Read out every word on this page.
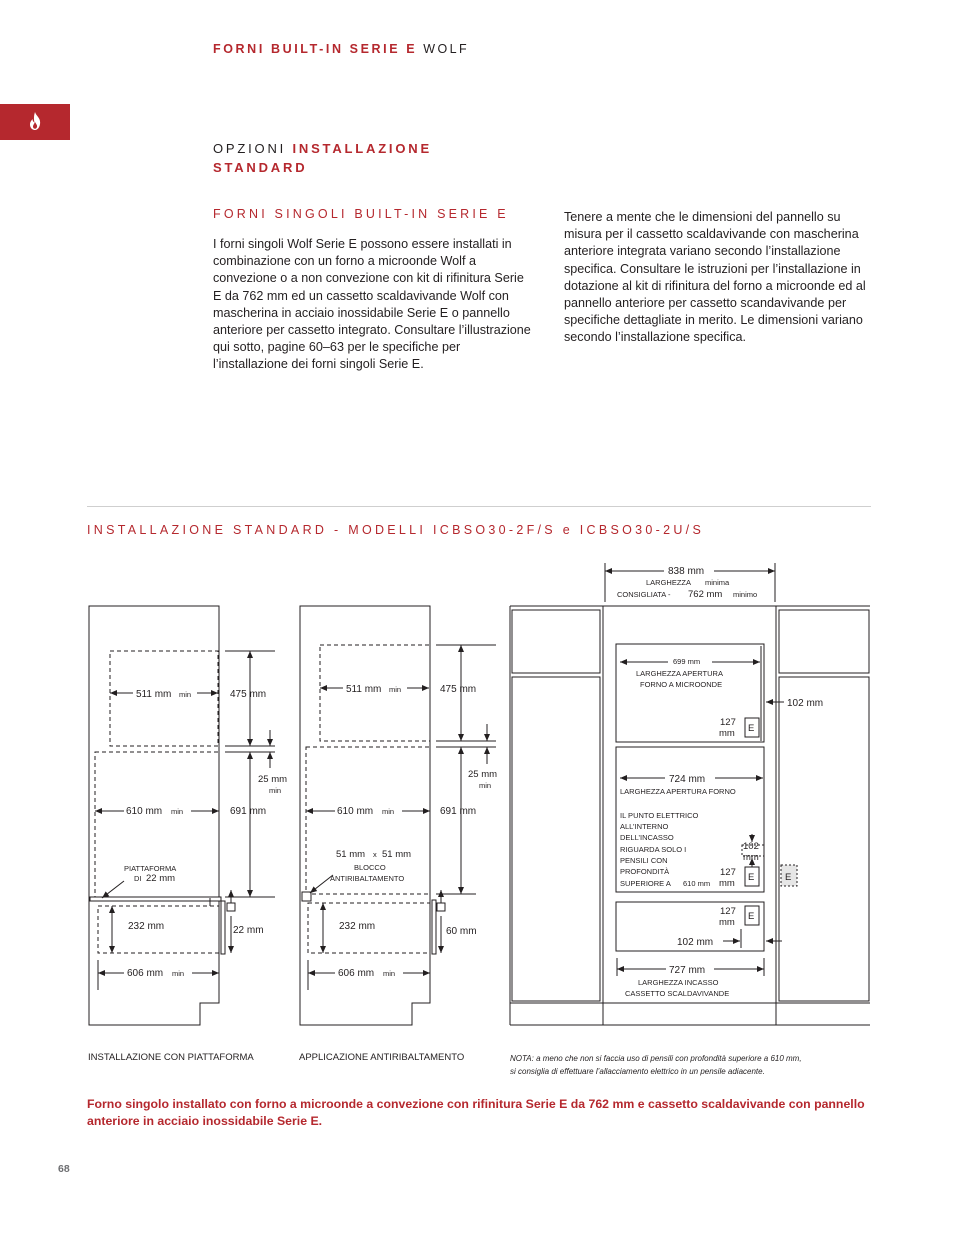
FORNI BUILT-IN SERIE E WOLF
OPZIONI INSTALLAZIONE
STANDARD
FORNI SINGOLI BUILT-IN SERIE E
I forni singoli Wolf Serie E possono essere installati in combinazione con un forno a microonde Wolf a convezione o a non convezione con kit di rifinitura Serie E da 762 mm ed un cassetto scaldavivande Wolf con mascherina in acciaio inossidabile Serie E o pannello anteriore per cassetto integrato. Consultare l’illustrazione qui sotto, pagine 60–63 per le specifiche per l’installazione dei forni singoli Serie E.
Tenere a mente che le dimensioni del pannello su misura per il cassetto scaldavivande con mascherina anteriore integrata variano secondo l’installazione specifica. Consultare le istruzioni per l’installazione in dotazione al kit di rifinitura del forno a microonde ed al pannello anteriore per cassetto scandavivande per specifiche dettagliate in merito. Le dimensioni variano secondo l’installazione specifica.
INSTALLAZIONE STANDARD - MODELLI ICBSO30-2F/S e ICBSO30-2U/S
511 mm min	475 mm
25 mm
min
610 mm min	691 mm
PIATTAFORMA
DI 22 mm
232 mm	22 mm
606 mm min
511 mm min	475 mm
25 mm
min
610 mm min	691 mm
51 mm x 51 mm
BLOCCO
ANTIRIBALTAMENTO
232 mm	60 mm
606 mm min
838 mm
LARGHEZZA minima
CONSIGLIATA - 762 mm minimo
699 mm
LARGHEZZA APERTURA
FORNO A MICROONDE
102 mm
127
mm E
724 mm
LARGHEZZA APERTURA FORNO
IL PUNTO ELETTRICO
ALL’INTERNO
DELL’INCASSO
RIGUARDA SOLO I
PENSILI CON
PROFONDITÀ
SUPERIORE A 610 mm
102
mm
127
mm
E	E
127
mm
E
102 mm
727 mm
LARGHEZZA INCASSO
CASSETTO SCALDAVIVANDE
INSTALLAZIONE CON PIATTAFORMA	APPLICAZIONE ANTIRIBALTAMENTO	NOTA: a meno che non si faccia uso di pensili con profondità superiore a 610 mm,
si consiglia di effettuare l’allacciamento elettrico in un pensile adiacente.
Forno singolo installato con forno a microonde a convezione con rifinitura Serie E da 762 mm e cassetto scaldavivande con pannello anteriore in acciaio inossidabile Serie E.
68
